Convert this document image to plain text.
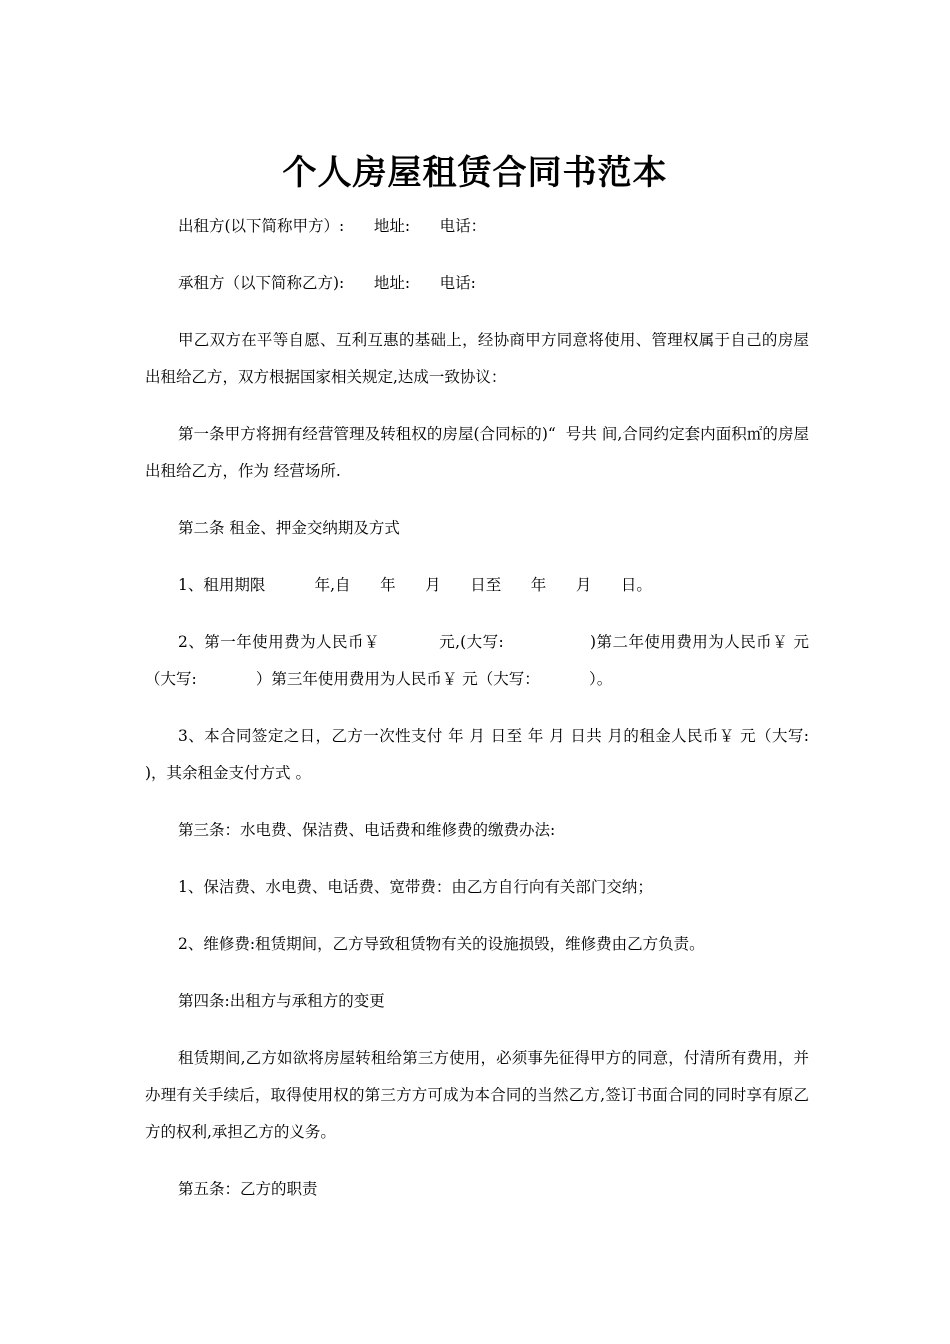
个人房屋租赁合同书范本

出租方(以下简称甲方）:      地址:      电话：

承租方（以下简称乙方):      地址:      电话:

甲乙双方在平等自愿、互利互惠的基础上，经协商甲方同意将使用、管理权属于自己的房屋出租给乙方，双方根据国家相关规定,达成一致协议：

第一条甲方将拥有经营管理及转租权的房屋(合同标的)“  号共 间,合同约定套内面积㎡的房屋出租给乙方，作为 经营场所.

第二条 租金、押金交纳期及方式

1、租用期限          年,自      年      月      日至      年      月      日。

2、第一年使用费为人民币￥           元,(大写:                )第二年使用费用为人民币￥ 元（大写:            ）第三年使用费用为人民币￥ 元（大写：          ）。

3、本合同签定之日，乙方一次性支付 年 月 日至 年 月 日共 月的租金人民币￥ 元（大写: )，其余租金支付方式 。

第三条：水电费、保洁费、电话费和维修费的缴费办法:

1、保洁费、水电费、电话费、宽带费：由乙方自行向有关部门交纳；

2、维修费:租赁期间，乙方导致租赁物有关的设施损毁，维修费由乙方负责。

第四条:出租方与承租方的变更

租赁期间,乙方如欲将房屋转租给第三方使用，必须事先征得甲方的同意，付清所有费用，并办理有关手续后，取得使用权的第三方方可成为本合同的当然乙方,签订书面合同的同时享有原乙方的权利,承担乙方的义务。

第五条：乙方的职责
